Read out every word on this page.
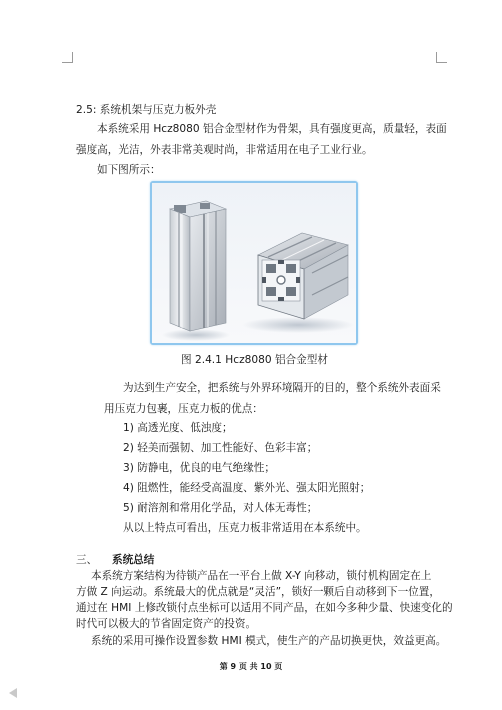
2.5: 系统机架与压克力板外壳
本系统采用 Hcz8080 铝合金型材作为骨架，具有强度更高，质量轻，表面
强度高，光洁，外表非常美观时尚，非常适用在电子工业行业。
如下图所示：
图 2.4.1 Hcz8080 铝合金型材
为达到生产安全，把系统与外界环境隔开的目的，整个系统外表面采
用压克力包裹，压克力板的优点：
1) 高透光度、低浊度；
2) 轻美而强韧、加工性能好、色彩丰富；
3) 防静电，优良的电气绝缘性；
4) 阻燃性，能经受高温度、紫外光、强太阳光照射；
5) 耐溶剂和常用化学品，对人体无毒性；
从以上特点可看出，压克力板非常适用在本系统中。
三、 系统总结
本系统方案结构为待锁产品在一平台上做 X-Y 向移动，锁付机构固定在上
方做 Z 向运动。系统最大的优点就是“灵活”，锁好一颗后自动移到下一位置，
通过在 HMI 上修改锁付点坐标可以适用不同产品，在如今多种少量、快速变化的
时代可以极大的节省固定资产的投资。
系统的采用可操作设置参数 HMI 模式，使生产的产品切换更快，效益更高。
第 9 页 共 10 页
